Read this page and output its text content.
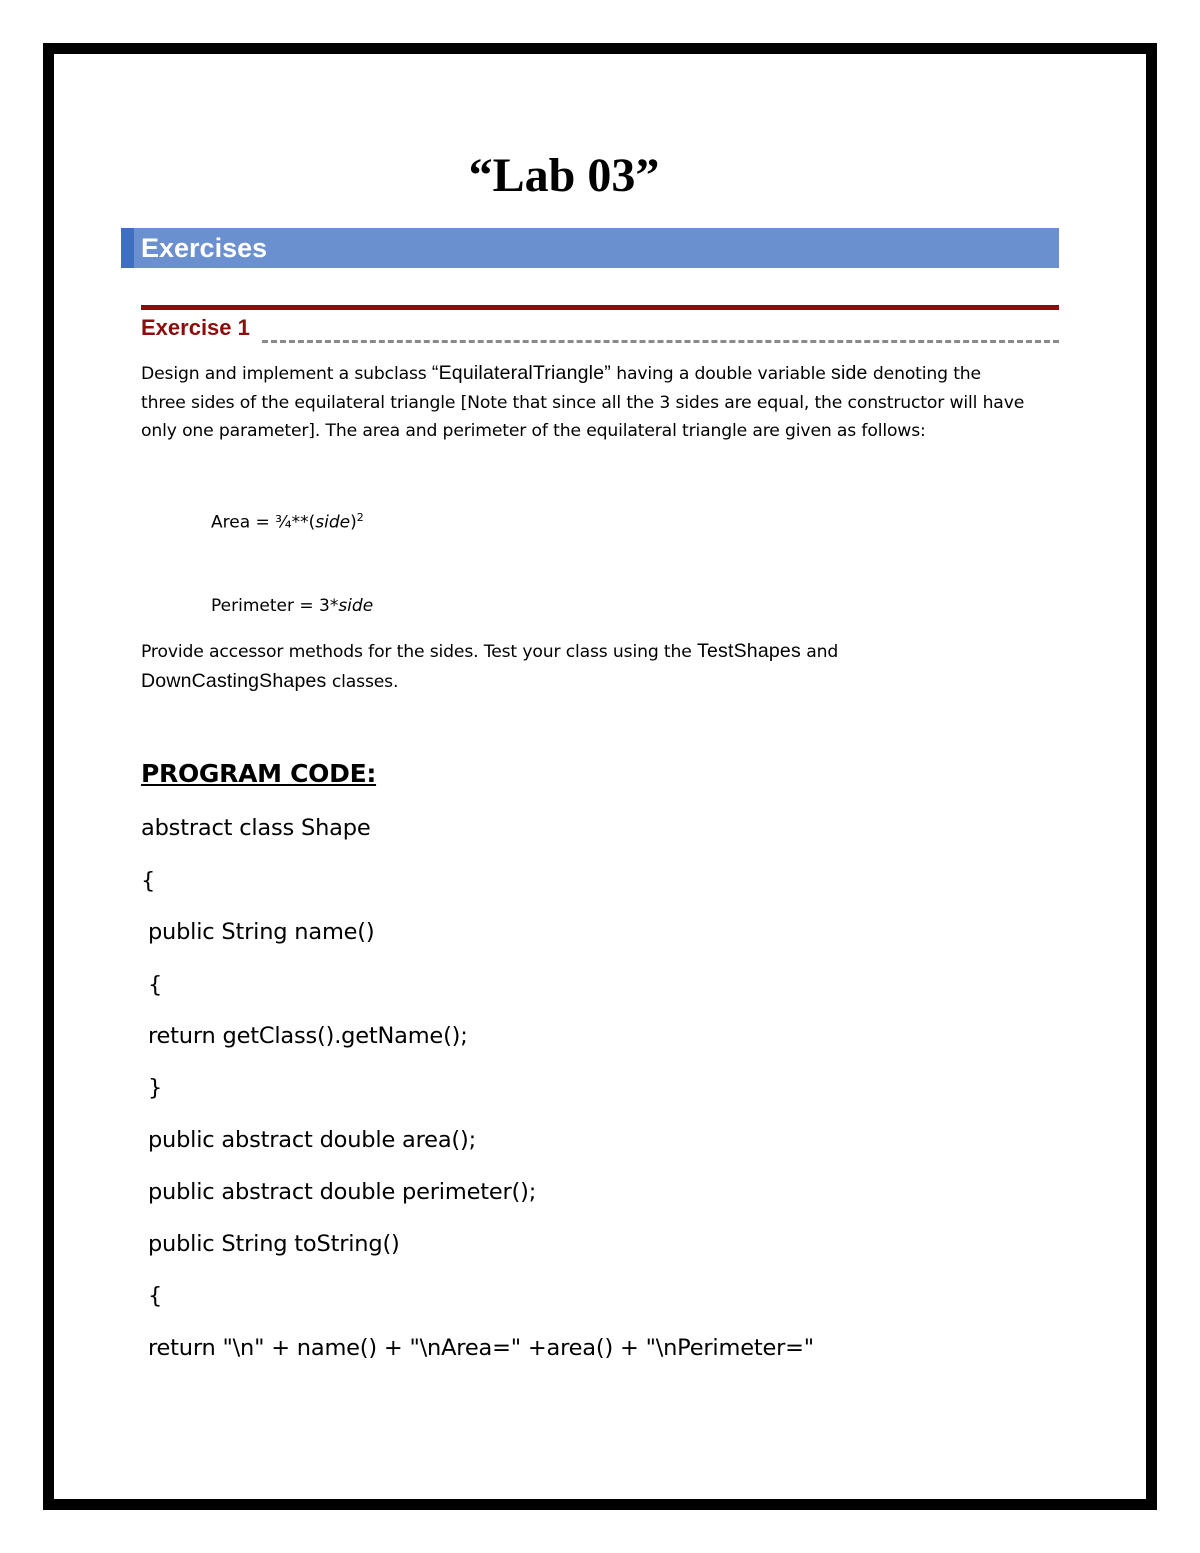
“Lab 03”
Exercises
Exercise 1
Design and implement a subclass “EquilateralTriangle” having a double variable side denoting the
three sides of the equilateral triangle [Note that since all the 3 sides are equal, the constructor will have
only one parameter]. The area and perimeter of the equilateral triangle are given as follows:
Area = ¾**(side)$^2$
Perimeter = 3*side
Provide accessor methods for the sides. Test your class using the TestShapes and
DownCastingShapes classes.
PROGRAM CODE:
abstract class Shape
{
public String name()
{
return getClass().getName();
}
public abstract double area();
public abstract double perimeter();
public String toString()
{
return "\n" + name() + "\nArea=" +area() + "\nPerimeter="
